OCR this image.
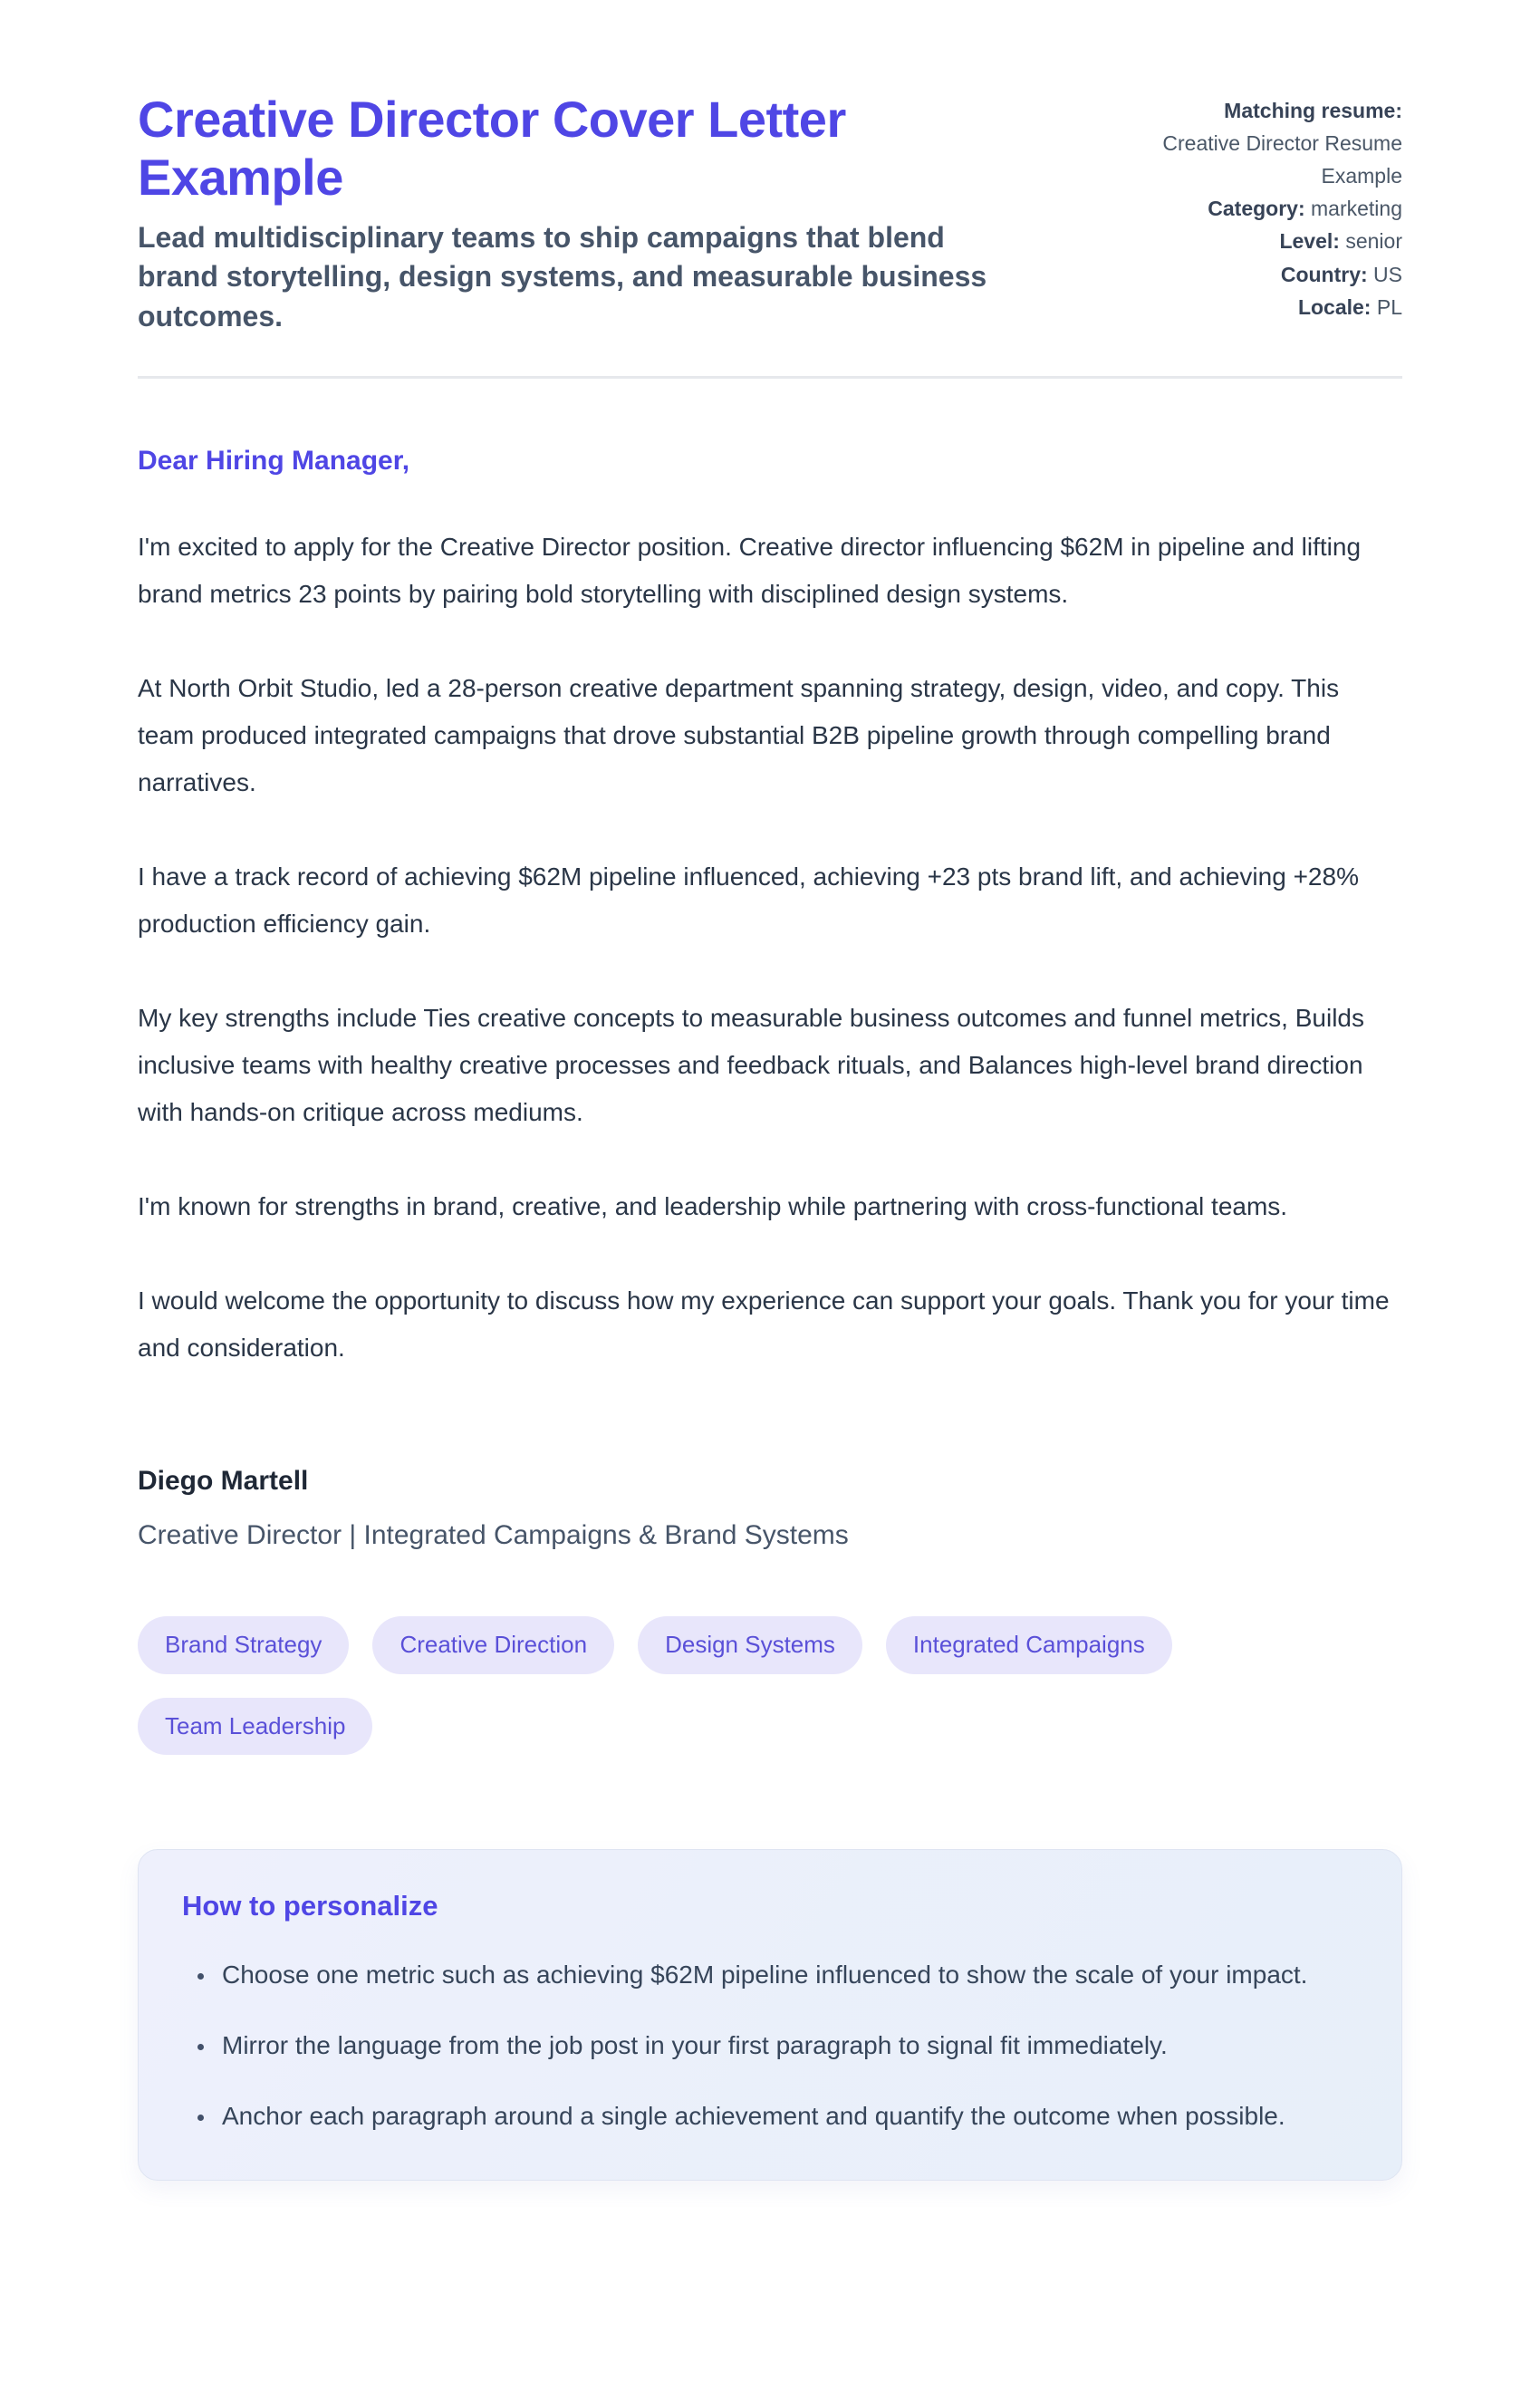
Creative Director Cover Letter Example
Lead multidisciplinary teams to ship campaigns that blend brand storytelling, design systems, and measurable business outcomes.
Matching resume:
Creative Director Resume Example
Category: marketing
Level: senior
Country: US
Locale: PL
Dear Hiring Manager,

I'm excited to apply for the Creative Director position. Creative director influencing $62M in pipeline and lifting brand metrics 23 points by pairing bold storytelling with disciplined design systems.

At North Orbit Studio, led a 28-person creative department spanning strategy, design, video, and copy. This team produced integrated campaigns that drove substantial B2B pipeline growth through compelling brand narratives.

I have a track record of achieving $62M pipeline influenced, achieving +23 pts brand lift, and achieving +28% production efficiency gain.

My key strengths include Ties creative concepts to measurable business outcomes and funnel metrics, Builds inclusive teams with healthy creative processes and feedback rituals, and Balances high-level brand direction with hands-on critique across mediums.

I'm known for strengths in brand, creative, and leadership while partnering with cross-functional teams.

I would welcome the opportunity to discuss how my experience can support your goals. Thank you for your time and consideration.

Diego Martell
Creative Director | Integrated Campaigns & Brand Systems
Brand Strategy	Creative Direction	Design Systems	Integrated Campaigns
Team Leadership
How to personalize
• Choose one metric such as achieving $62M pipeline influenced to show the scale of your impact.
• Mirror the language from the job post in your first paragraph to signal fit immediately.
• Anchor each paragraph around a single achievement and quantify the outcome when possible.
